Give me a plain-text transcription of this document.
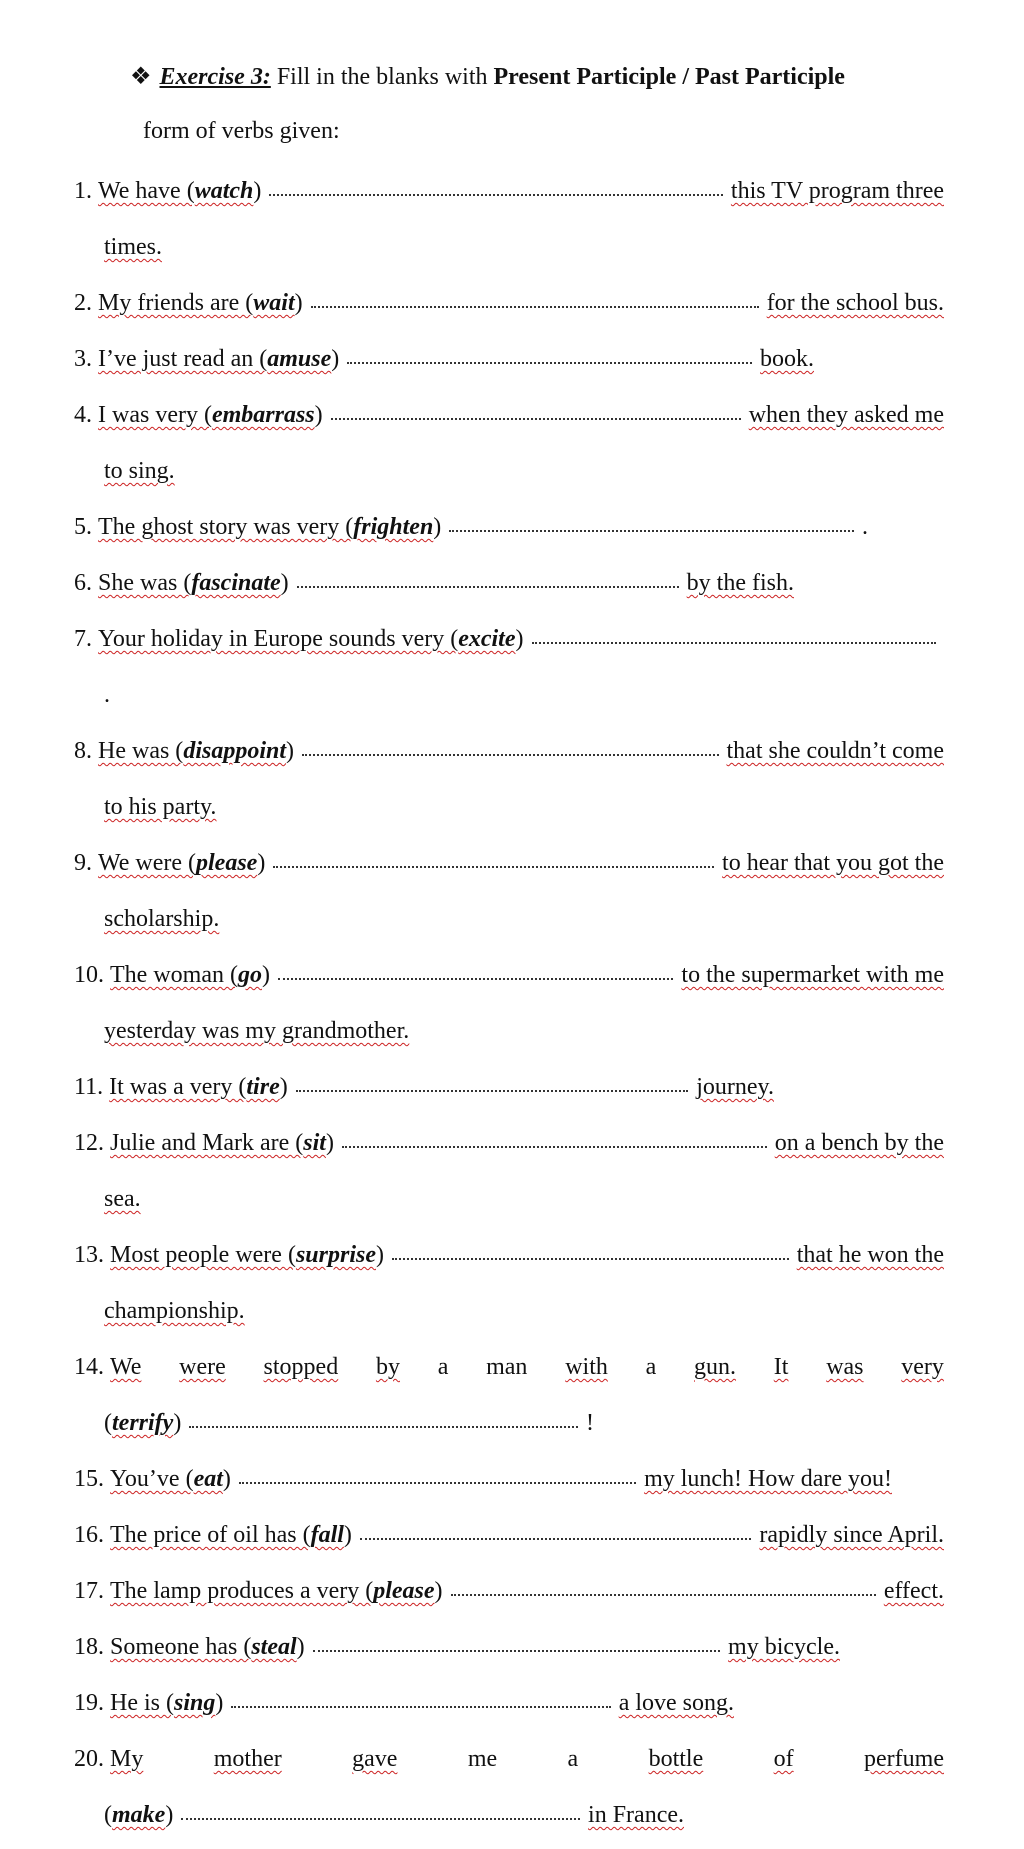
❖ Exercise 3: Fill in the blanks with Present Participle / Past Participle
form of verbs given:
1. We have ( watch )	this TV program three
times.
2. My friends are ( wait )	for the school bus.
3. I’ve just read an ( amuse )	book.
4. I was very ( embarrass )	when they asked me
to sing.
5. The ghost story was very ( frighten )	.
6. She was ( fascinate )	by the fish.
7. Your holiday in Europe sounds very ( excite )
.
8. He was ( disappoint )	that she couldn’t come
to his party.
9. We were ( please )	to hear that you got the
scholarship.
10. The woman ( go )	to the supermarket with me
yesterday was my grandmother.
11. It was a very ( tire )	journey.
12. Julie and Mark are ( sit )	on a bench by the
sea.
13. Most people were ( surprise )	that he won the
championship.
14. We were stopped by a man with a gun. It was very
( terrify )	!
15. You’ve ( eat )	my lunch! How dare you!
16. The price of oil has ( fall )	rapidly since April.
17. The lamp produces a very ( please )	effect.
18. Someone has ( steal )	my bicycle.
19. He is ( sing )	a love song.
20. My	mother	gave	me	a	bottle	of	perfume
( make )	in France.
